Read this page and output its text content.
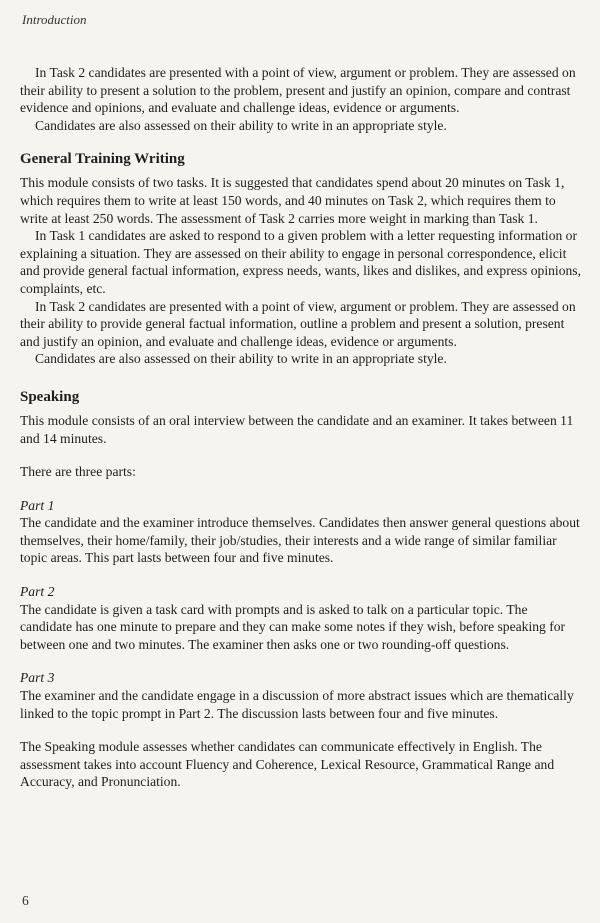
Introduction

In Task 2 candidates are presented with a point of view, argument or problem. They are assessed on their ability to present a solution to the problem, present and justify an opinion, compare and contrast evidence and opinions, and evaluate and challenge ideas, evidence or arguments.

Candidates are also assessed on their ability to write in an appropriate style.

General Training Writing

This module consists of two tasks. It is suggested that candidates spend about 20 minutes on Task 1, which requires them to write at least 150 words, and 40 minutes on Task 2, which requires them to write at least 250 words. The assessment of Task 2 carries more weight in marking than Task 1.

In Task 1 candidates are asked to respond to a given problem with a letter requesting information or explaining a situation. They are assessed on their ability to engage in personal correspondence, elicit and provide general factual information, express needs, wants, likes and dislikes, and express opinions, complaints, etc.

In Task 2 candidates are presented with a point of view, argument or problem. They are assessed on their ability to provide general factual information, outline a problem and present a solution, present and justify an opinion, and evaluate and challenge ideas, evidence or arguments.

Candidates are also assessed on their ability to write in an appropriate style.

Speaking

This module consists of an oral interview between the candidate and an examiner. It takes between 11 and 14 minutes.

There are three parts:

Part 1

The candidate and the examiner introduce themselves. Candidates then answer general questions about themselves, their home/family, their job/studies, their interests and a wide range of similar familiar topic areas. This part lasts between four and five minutes.

Part 2

The candidate is given a task card with prompts and is asked to talk on a particular topic. The candidate has one minute to prepare and they can make some notes if they wish, before speaking for between one and two minutes. The examiner then asks one or two rounding-off questions.

Part 3

The examiner and the candidate engage in a discussion of more abstract issues which are thematically linked to the topic prompt in Part 2. The discussion lasts between four and five minutes.

The Speaking module assesses whether candidates can communicate effectively in English. The assessment takes into account Fluency and Coherence, Lexical Resource, Grammatical Range and Accuracy, and Pronunciation.

6
